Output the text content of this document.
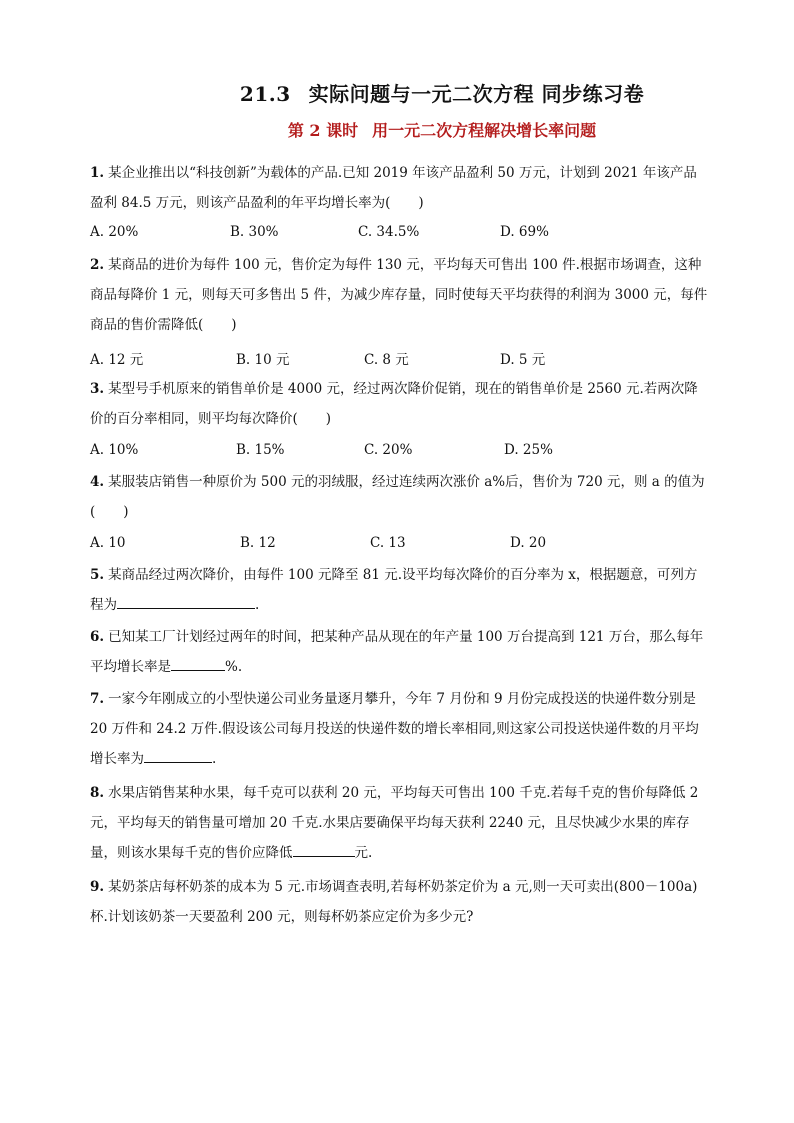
21.3 实际问题与一元二次方程 同步练习卷
第 2 课时 用一元二次方程解决增长率问题
1. 某企业推出以“科技创新”为载体的产品.已知 2019 年该产品盈利 50 万元，计划到 2021 年该产品盈利 84.5 万元，则该产品盈利的年平均增长率为( )
A. 20%	B. 30%	C. 34.5%	D. 69%
2. 某商品的进价为每件 100 元，售价定为每件 130 元，平均每天可售出 100 件.根据市场调查，这种商品每降价 1 元，则每天可多售出 5 件，为减少库存量，同时使每天平均获得的利润为 3000 元，每件商品的售价需降低( )
A. 12 元	B. 10 元	C. 8 元	D. 5 元
3. 某型号手机原来的销售单价是 4000 元，经过两次降价促销，现在的销售单价是 2560 元.若两次降价的百分率相同，则平均每次降价( )
A. 10%	B. 15%	C. 20%	D. 25%
4. 某服装店销售一种原价为 500 元的羽绒服，经过连续两次涨价 a%后，售价为 720 元，则 a 的值为 ( )
A. 10	B. 12	C. 13	D. 20
5. 某商品经过两次降价，由每件 100 元降至 81 元.设平均每次降价的百分率为 x，根据题意，可列方程为	.
6. 已知某工厂计划经过两年的时间，把某种产品从现在的年产量 100 万台提高到 121 万台，那么每年平均增长率是	%.
7. 一家今年刚成立的小型快递公司业务量逐月攀升，今年 7 月份和 9 月份完成投送的快递件数分别是 20 万件和 24.2 万件.假设该公司每月投送的快递件数的增长率相同,则这家公司投送快递件数的月平均增长率为	.
8. 水果店销售某种水果，每千克可以获利 20 元，平均每天可售出 100 千克.若每千克的售价每降低 2 元，平均每天的销售量可增加 20 千克.水果店要确保平均每天获利 2240 元，且尽快减少水果的库存量，则该水果每千克的售价应降低	元.
9. 某奶茶店每杯奶茶的成本为 5 元.市场调查表明,若每杯奶茶定价为 a 元,则一天可卖出(800－100a)杯.计划该奶茶一天要盈利 200 元，则每杯奶茶应定价为多少元?
